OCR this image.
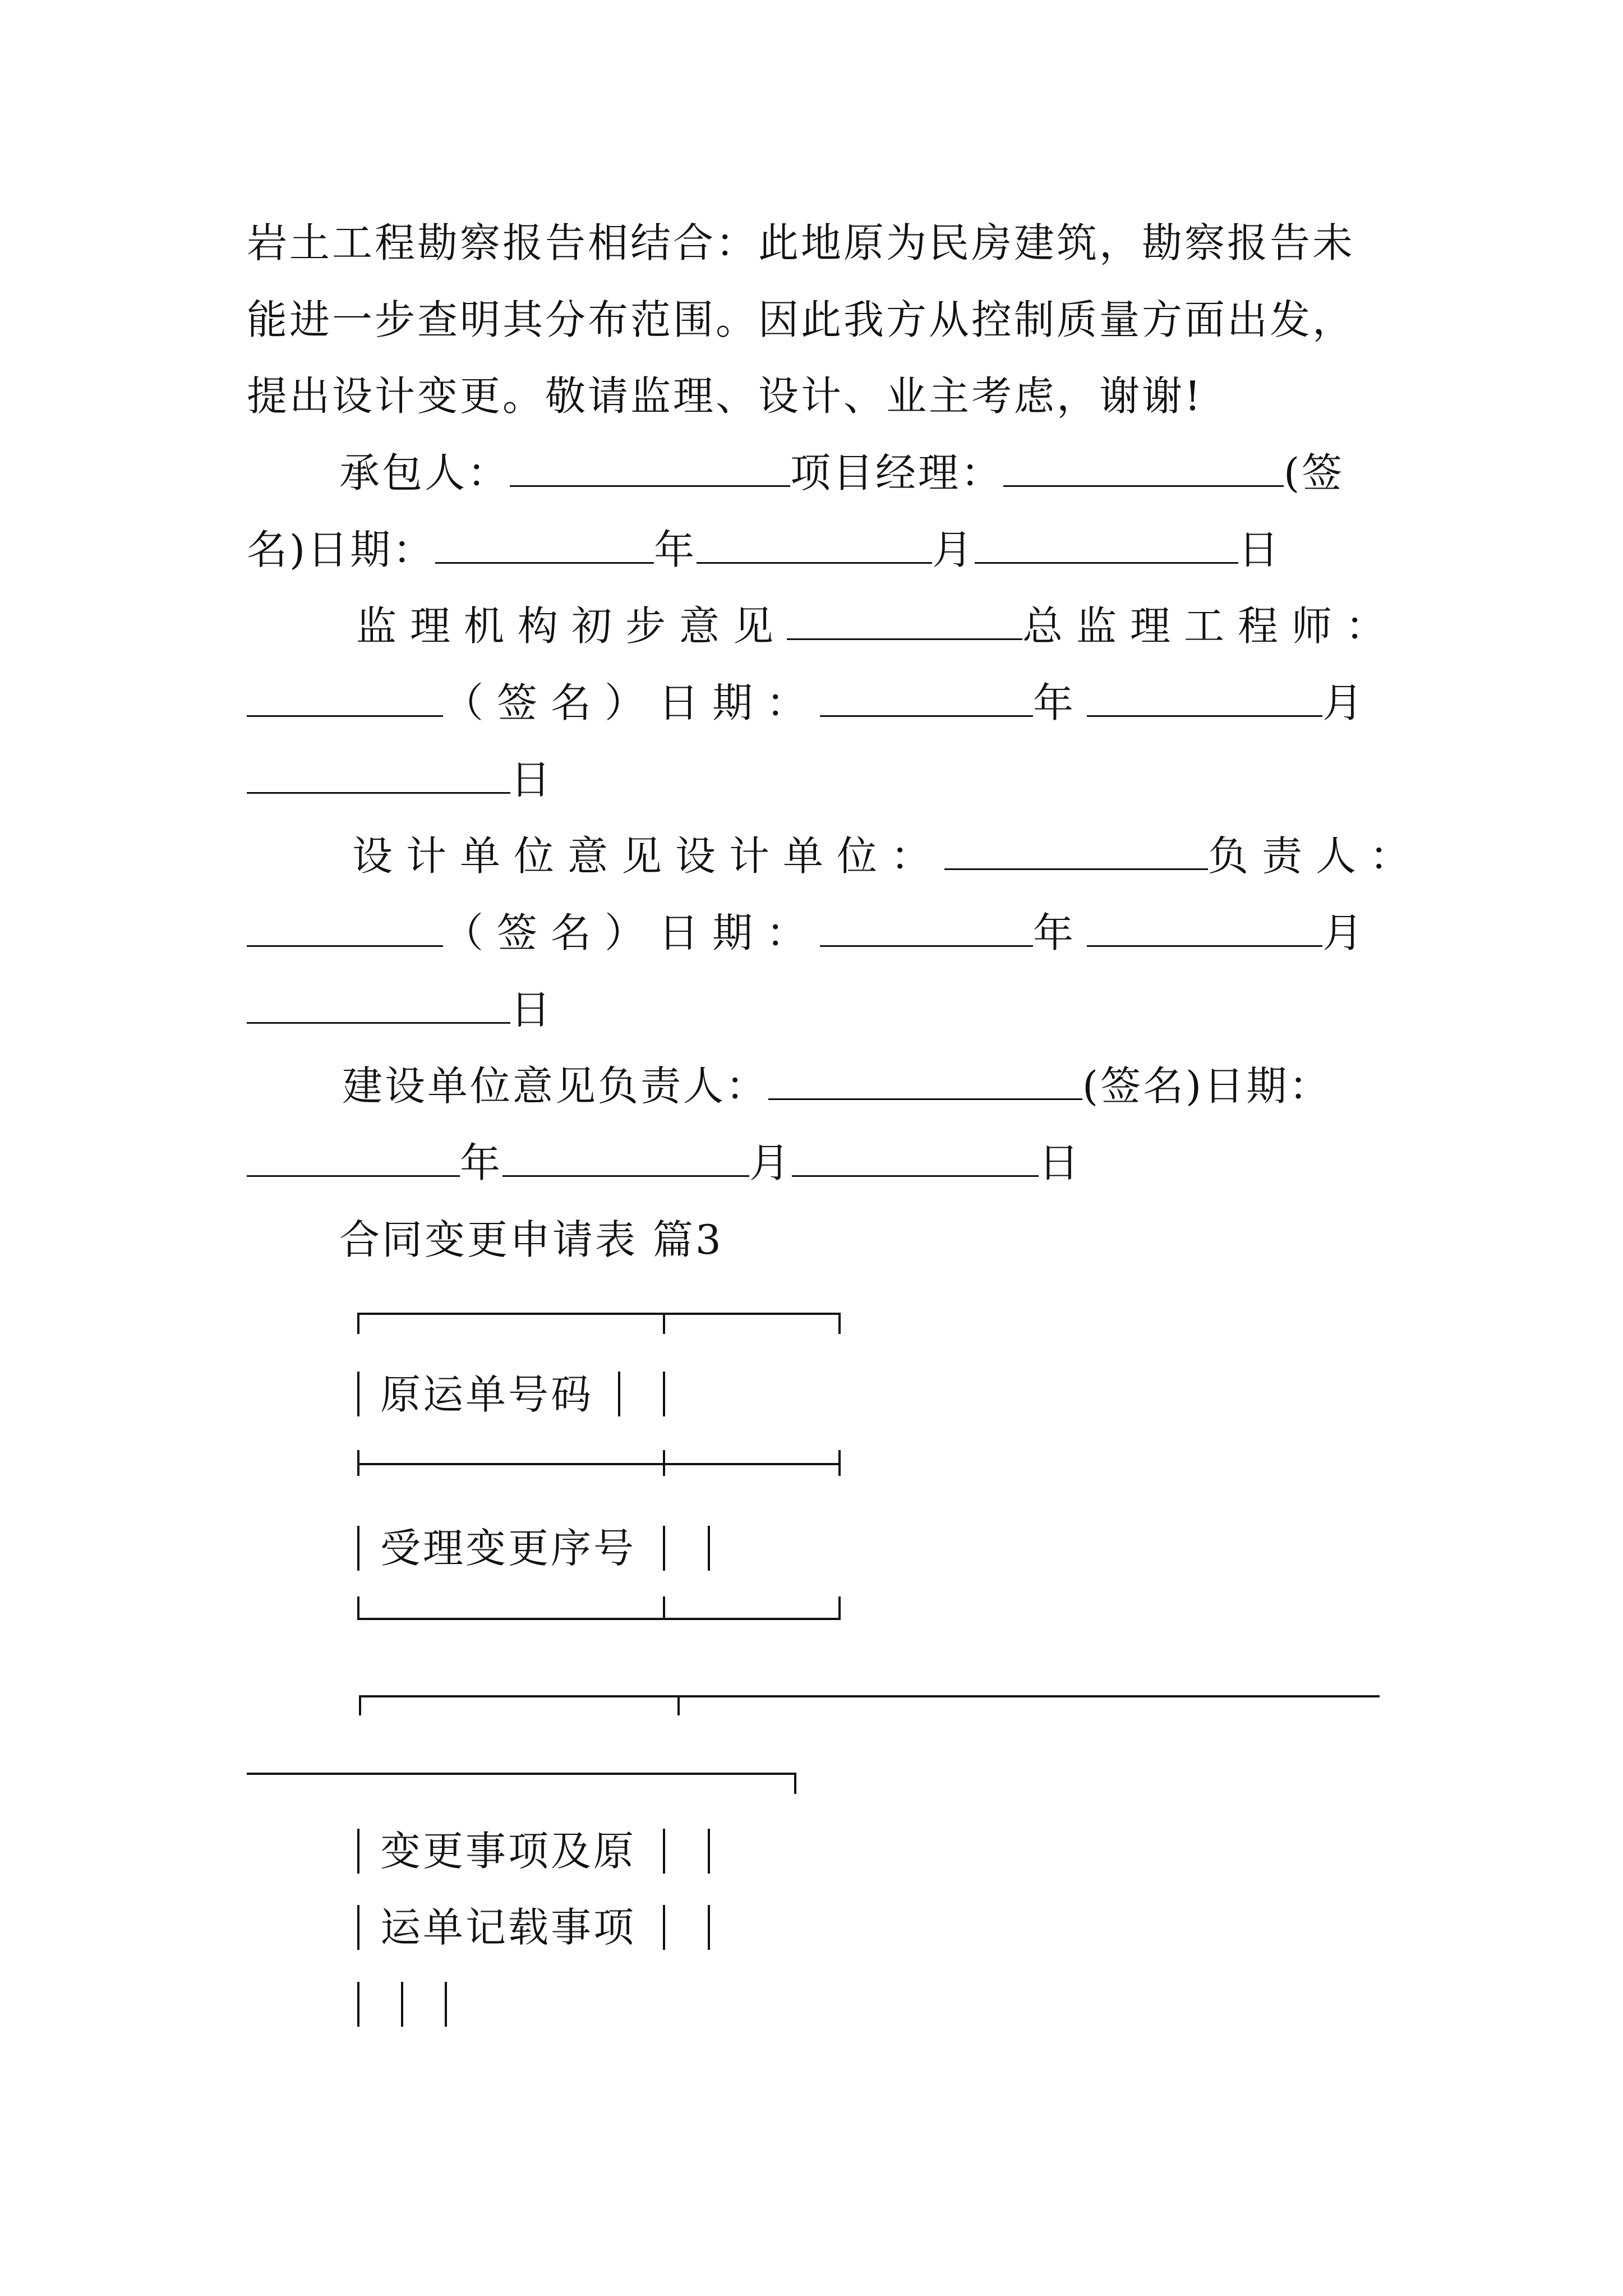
岩土工程勘察报告相结合：此地原为民房建筑，勘察报告未
能进一步查明其分布范围。因此我方从控制质量方面出发，
提出设计变更。敬请监理、设计、业主考虑，谢谢!
承包人：	项目经理：	(签
名)日期：	年	月	日
监理机构初步意见	总监理工程师：
（签名）日期：	年	月
日
设计单位意见设计单位：	负责人：
（签名）日期：	年	月
日
建设单位意见负责人：	(签名)日期：
年	月	日
合同变更申请表 篇3
原运单号码
受理变更序号
变更事项及原
运单记载事项
